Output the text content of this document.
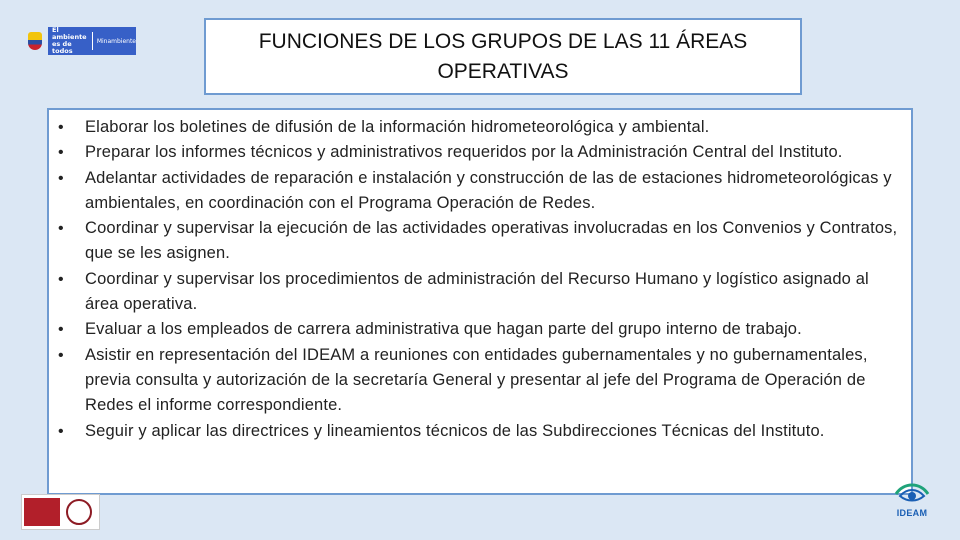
El ambiente
es de todos
Minambiente	FUNCIONES DE LOS GRUPOS DE LAS 11 ÁREAS OPERATIVAS
• Elaborar los boletines de difusión de la información hidrometeorológica y ambiental.
• Preparar los informes técnicos y administrativos requeridos por la Administración Central del Instituto.
• Adelantar actividades de reparación e instalación y construcción de las de estaciones hidrometeorológicas y ambientales, en coordinación con el Programa Operación de Redes.
• Coordinar y supervisar la ejecución de las actividades operativas involucradas en los Convenios y Contratos, que se les asignen.
• Coordinar y supervisar los procedimientos de administración del Recurso Humano y logístico asignado al área operativa.
• Evaluar a los empleados de carrera administrativa que hagan parte del grupo interno de trabajo.
• Asistir en representación del IDEAM a reuniones con entidades gubernamentales y no gubernamentales, previa consulta y autorización de la secretaría General y presentar al jefe del Programa de Operación de Redes el informe correspondiente.
• Seguir y aplicar las directrices y lineamientos técnicos de las Subdirecciones Técnicas del Instituto.
IDEAM
